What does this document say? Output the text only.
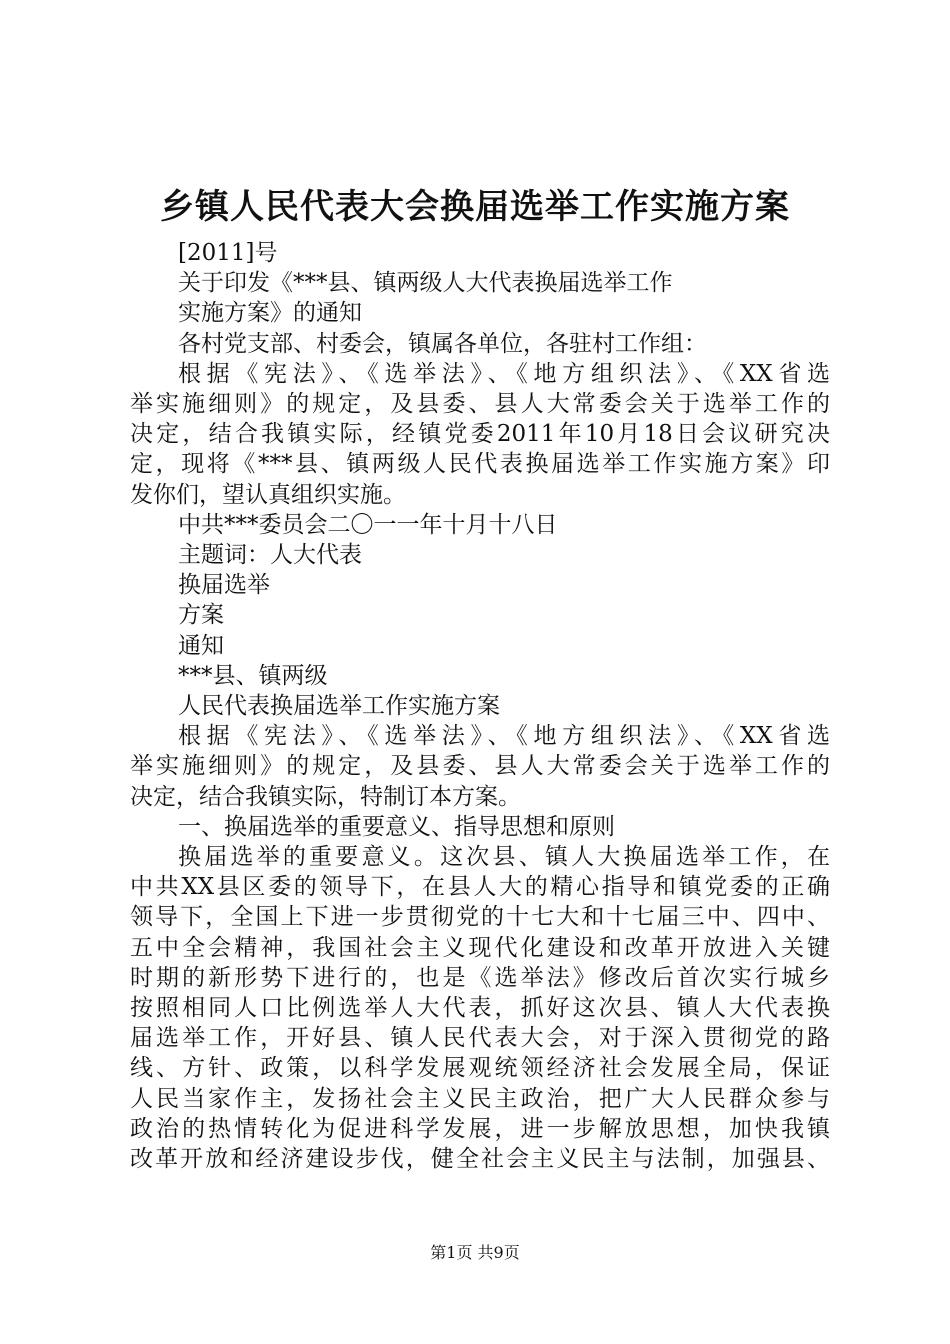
乡镇人民代表大会换届选举工作实施方案

[2011]号

关于印发《***县、镇两级人大代表换届选举工作

实施方案》的通知

各村党支部、村委会，镇属各单位，各驻村工作组：

根据《宪法》、《选举法》、《地方组织法》、《XX省选

举实施细则》的规定，及县委、县人大常委会关于选举工作的

决定，结合我镇实际，经镇党委2011年10月18日会议研究决

定，现将《***县、镇两级人民代表换届选举工作实施方案》印

发你们，望认真组织实施。

中共***委员会二〇一一年十月十八日

主题词：人大代表

换届选举

方案

通知

***县、镇两级

人民代表换届选举工作实施方案

根据《宪法》、《选举法》、《地方组织法》、《XX省选

举实施细则》的规定，及县委、县人大常委会关于选举工作的

决定，结合我镇实际，特制订本方案。

一、换届选举的重要意义、指导思想和原则

换届选举的重要意义。这次县、镇人大换届选举工作，在

中共XX县区委的领导下，在县人大的精心指导和镇党委的正确

领导下，全国上下进一步贯彻党的十七大和十七届三中、四中、

五中全会精神，我国社会主义现代化建设和改革开放进入关键

时期的新形势下进行的，也是《选举法》修改后首次实行城乡

按照相同人口比例选举人大代表，抓好这次县、镇人大代表换

届选举工作，开好县、镇人民代表大会，对于深入贯彻党的路

线、方针、政策，以科学发展观统领经济社会发展全局，保证

人民当家作主，发扬社会主义民主政治，把广大人民群众参与

政治的热情转化为促进科学发展，进一步解放思想，加快我镇

改革开放和经济建设步伐，健全社会主义民主与法制，加强县、

第1页 共9页
